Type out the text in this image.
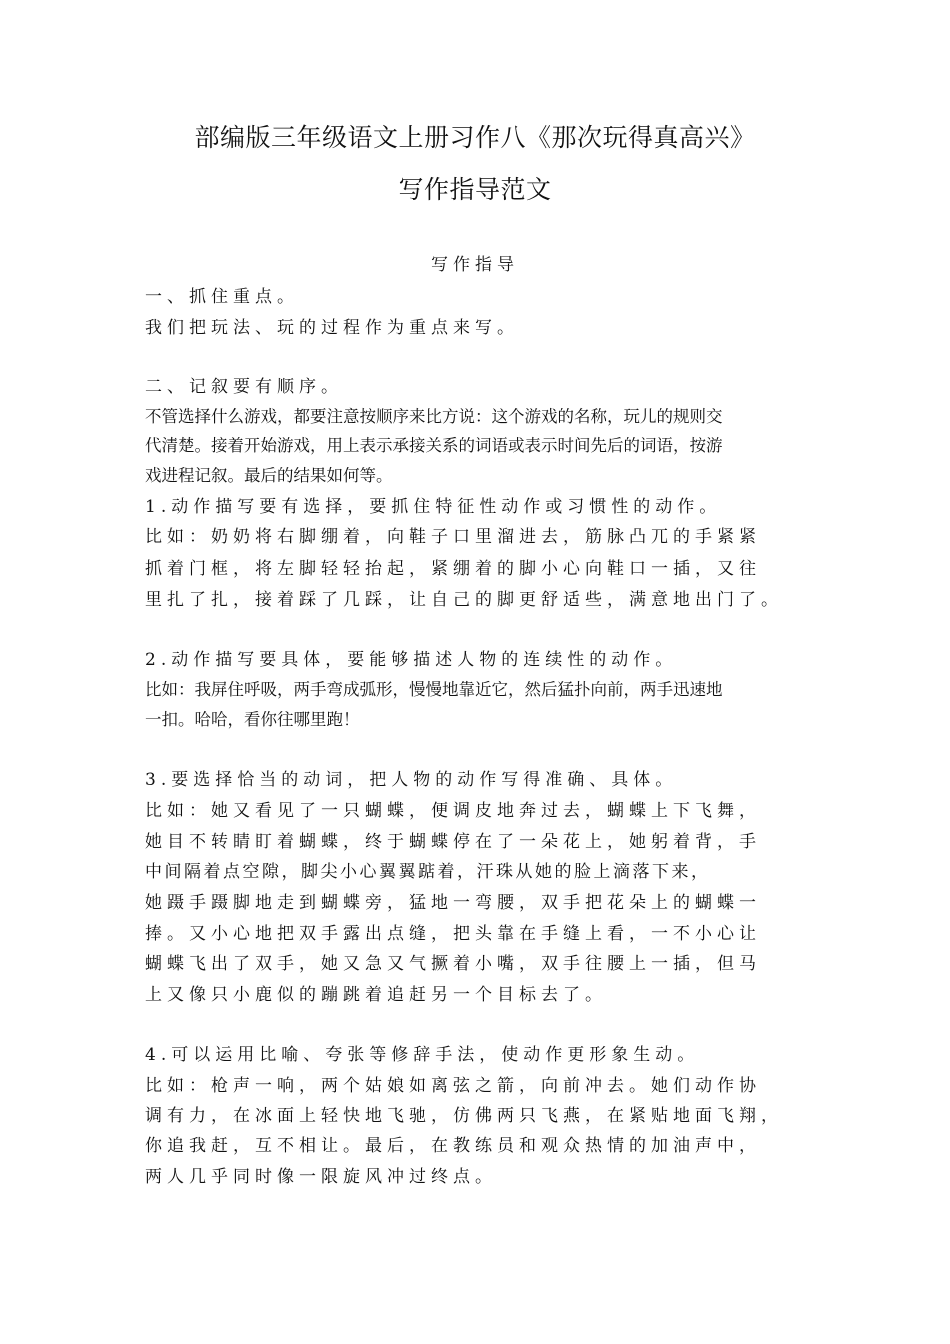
部编版三年级语文上册习作八《那次玩得真高兴》
写作指导范文
写作指导
一、抓住重点。
我们把玩法、玩的过程作为重点来写。
二、记叙要有顺序。
不管选择什么游戏，都要注意按顺序来比方说：这个游戏的名称，玩儿的规则交
代清楚。接着开始游戏，用上表示承接关系的词语或表示时间先后的词语，按游
戏进程记叙。最后的结果如何等。
1.动作描写要有选择，要抓住特征性动作或习惯性的动作。
比如：奶奶将右脚绷着，向鞋子口里溜进去，筋脉凸兀的手紧紧
抓着门框，将左脚轻轻抬起，紧绷着的脚小心向鞋口一插，又往
里扎了扎，接着踩了几踩，让自己的脚更舒适些，满意地出门了。
2.动作描写要具体，要能够描述人物的连续性的动作。
比如：我屏住呼吸，两手弯成弧形，慢慢地靠近它，然后猛扑向前，两手迅速地
一扣。哈哈，看你往哪里跑！
3.要选择恰当的动词，把人物的动作写得准确、具体。
比如：她又看见了一只蝴蝶，便调皮地奔过去，蝴蝶上下飞舞，
她目不转睛盯着蝴蝶，终于蝴蝶停在了一朵花上，她躬着背，手
中间隔着点空隙，脚尖小心翼翼踮着，汗珠从她的脸上滴落下来，
她蹑手蹑脚地走到蝴蝶旁，猛地一弯腰，双手把花朵上的蝴蝶一
捧。又小心地把双手露出点缝，把头靠在手缝上看，一不小心让
蝴蝶飞出了双手，她又急又气撅着小嘴，双手往腰上一插，但马
上又像只小鹿似的蹦跳着追赶另一个目标去了。
4.可以运用比喻、夸张等修辞手法，使动作更形象生动。
比如：枪声一响，两个姑娘如离弦之箭，向前冲去。她们动作协
调有力，在冰面上轻快地飞驰，仿佛两只飞燕，在紧贴地面飞翔，
你追我赶，互不相让。最后，在教练员和观众热情的加油声中，
两人几乎同时像一限旋风冲过终点。
